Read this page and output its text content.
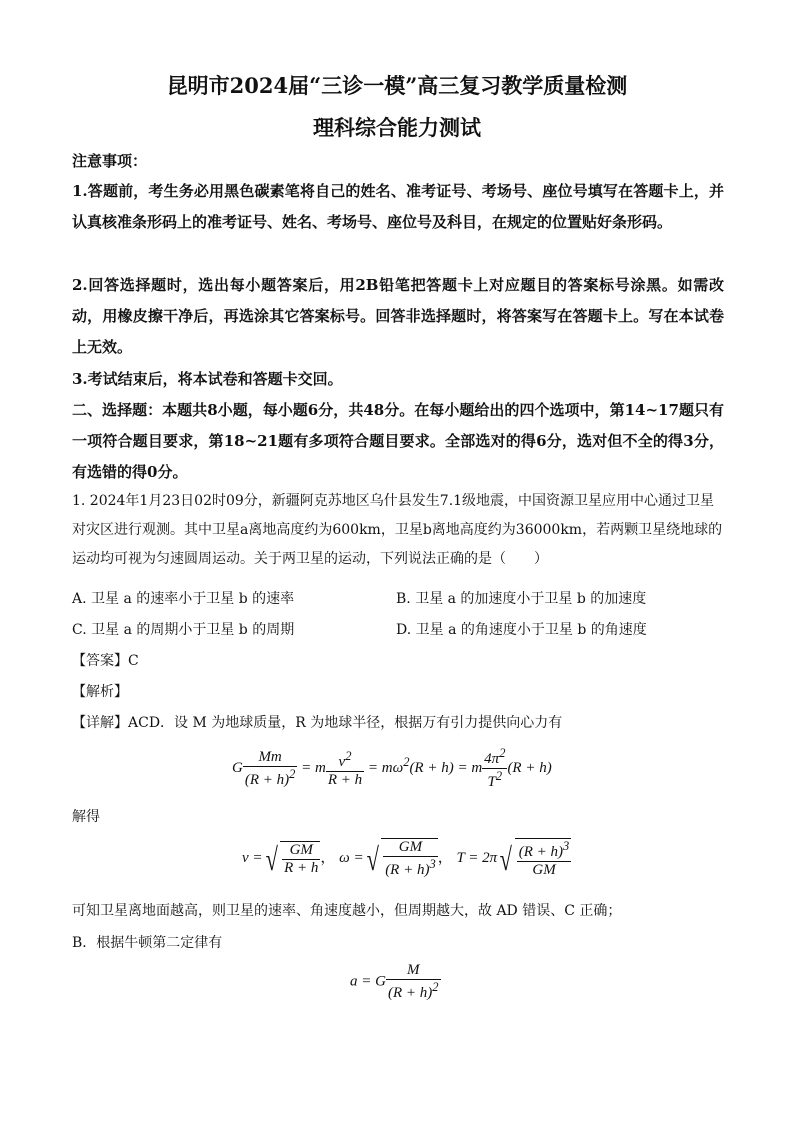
昆明市2024届“三诊一模”高三复习教学质量检测
理科综合能力测试
注意事项：
1.答题前，考生务必用黑色碳素笔将自己的姓名、准考证号、考场号、座位号填写在答题卡上，并认真核准条形码上的准考证号、姓名、考场号、座位号及科目，在规定的位置贴好条形码。
2.回答选择题时，选出每小题答案后，用2B铅笔把答题卡上对应题目的答案标号涂黑。如需改动，用橡皮擦干净后，再选涂其它答案标号。回答非选择题时，将答案写在答题卡上。写在本试卷上无效。
3.考试结束后，将本试卷和答题卡交回。
二、选择题：本题共8小题，每小题6分，共48分。在每小题给出的四个选项中，第14~17题只有一项符合题目要求，第18~21题有多项符合题目要求。全部选对的得6分，选对但不全的得3分，有选错的得0分。
1. 2024年1月23日02时09分，新疆阿克苏地区乌什县发生7.1级地震，中国资源卫星应用中心通过卫星对灾区进行观测。其中卫星a离地高度约为600km，卫星b离地高度约为36000km，若两颗卫星绕地球的运动均可视为匀速圆周运动。关于两卫星的运动，下列说法正确的是（　　）
A. 卫星 a 的速率小于卫星 b 的速率	B. 卫星 a 的加速度小于卫星 b 的加速度
C. 卫星 a 的周期小于卫星 b 的周期	D. 卫星 a 的角速度小于卫星 b 的角速度
【答案】C
【解析】
【详解】ACD．设 M 为地球质量，R 为地球半径，根据万有引力提供向心力有
G $\frac{Mm}{(R + h)^2} = m \frac{v^2}{R + h} = m\omega^2(R + h) = m \frac{4\pi^2}{T^2} (R + h)$
解得
v =√ $\frac{GM}{R + h}$ ， ω =√ $\frac{GM}{(R + h)^3}$ ， $T = 2\pi√ \frac{(R + h)^3}{GM}$
可知卫星离地面越高，则卫星的速率、角速度越小，但周期越大，故 AD 错误、C 正确；
B．根据牛顿第二定律有
a = G $\frac{M}{(R + h)^2}$
